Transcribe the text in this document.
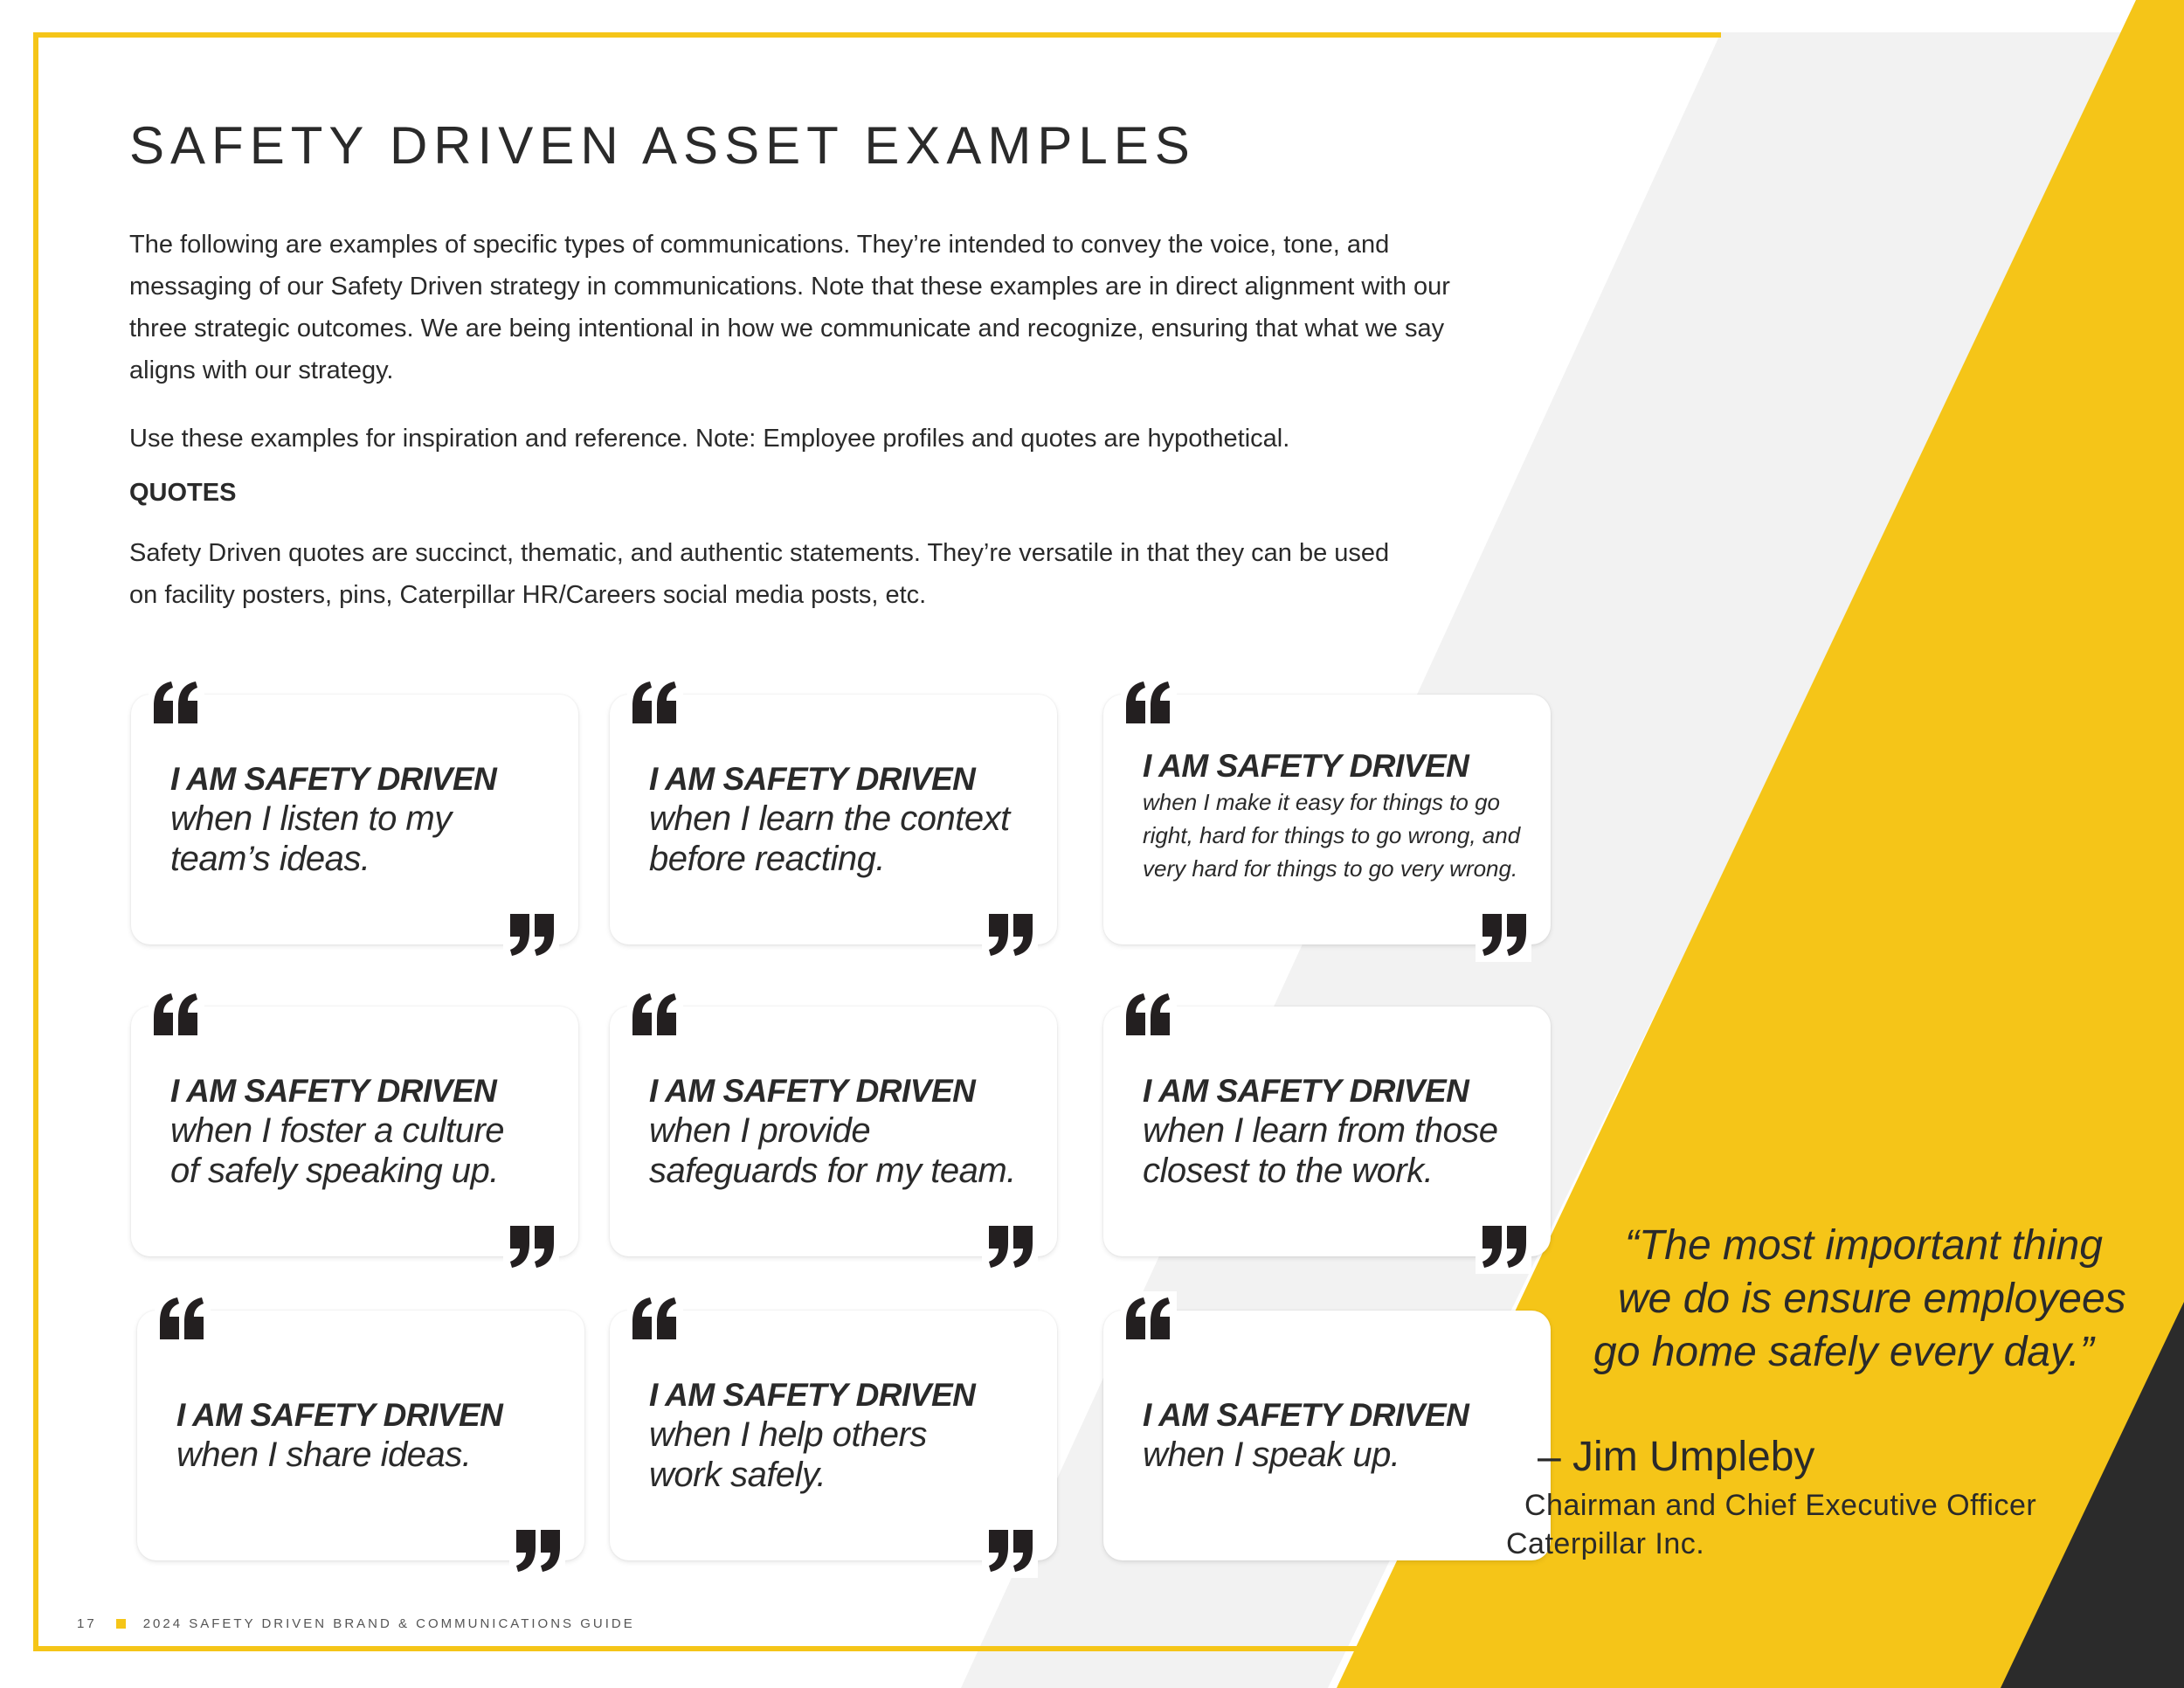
SAFETY DRIVEN ASSET EXAMPLES

The following are examples of specific types of communications. They’re intended to convey the voice, tone, and messaging of our Safety Driven strategy in communications. Note that these examples are in direct alignment with our three strategic outcomes. We are being intentional in how we communicate and recognize, ensuring that what we say aligns with our strategy.

Use these examples for inspiration and reference. Note: Employee profiles and quotes are hypothetical.

QUOTES

Safety Driven quotes are succinct, thematic, and authentic statements. They’re versatile in that they can be used on facility posters, pins, Caterpillar HR/Careers social media posts, etc.

I AM SAFETY DRIVEN
when I listen to my team’s ideas.
I AM SAFETY DRIVEN
when I learn the context before reacting.
I AM SAFETY DRIVEN
when I make it easy for things to go right, hard for things to go wrong, and very hard for things to go very wrong.
I AM SAFETY DRIVEN
when I foster a culture of safely speaking up.
I AM SAFETY DRIVEN
when I provide safeguards for my team.
I AM SAFETY DRIVEN
when I learn from those closest to the work.
I AM SAFETY DRIVEN
when I share ideas.
I AM SAFETY DRIVEN
when I help others work safely.
I AM SAFETY DRIVEN
when I speak up.
“The most important thing
we do is ensure employees
go home safely every day.”
– Jim Umpleby
Chairman and Chief Executive Officer
Caterpillar Inc.
17	2024 SAFETY DRIVEN BRAND & COMMUNICATIONS GUIDE
